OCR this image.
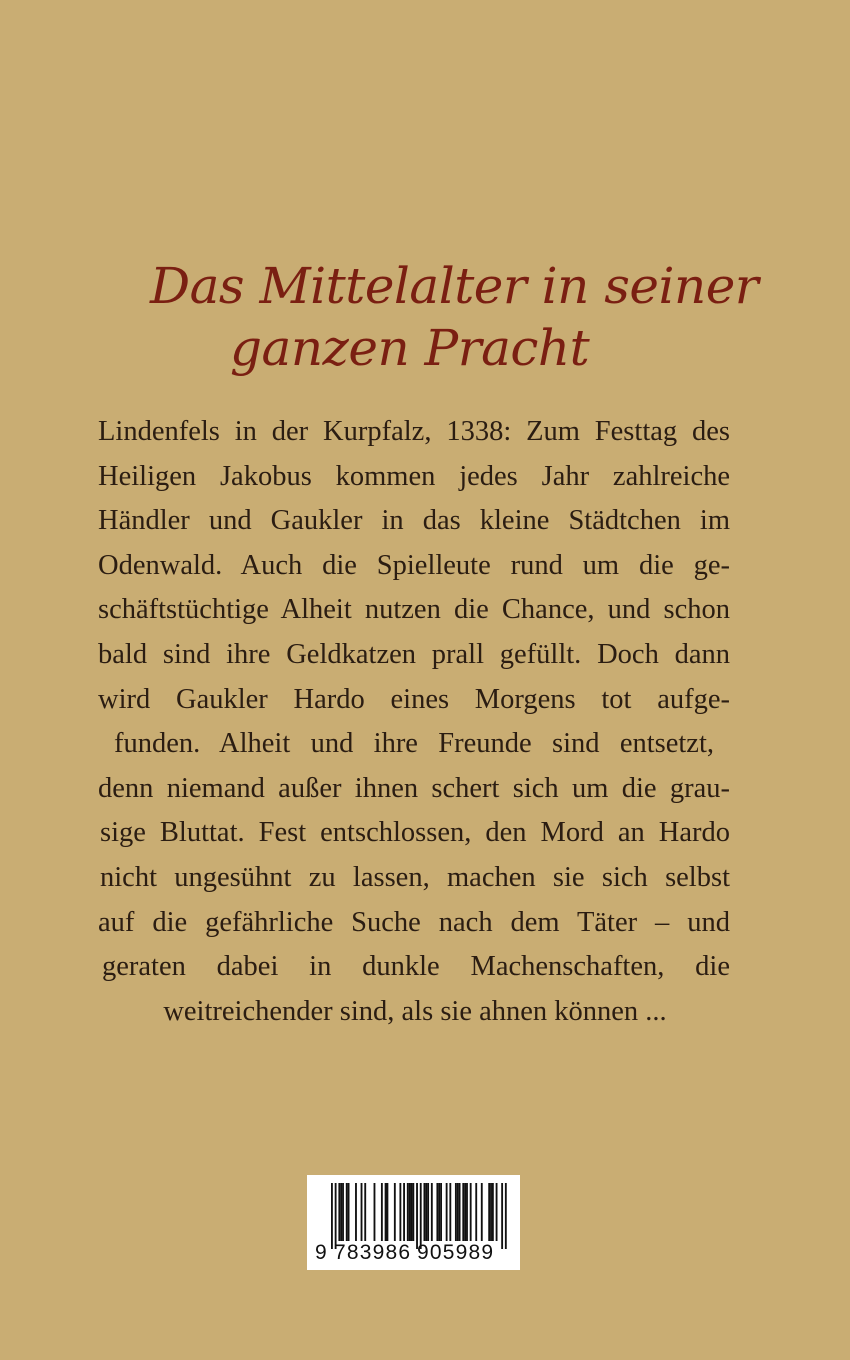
Das Mittelalter in seiner
ganzen Pracht
Lindenfels in der Kurpfalz, 1338: Zum Festtag des
Heiligen Jakobus kommen jedes Jahr zahlreiche
Händler und Gaukler in das kleine Städtchen im
Odenwald. Auch die Spielleute rund um die ge-
schäftstüchtige Alheit nutzen die Chance, und schon
bald sind ihre Geldkatzen prall gefüllt. Doch dann
wird Gaukler Hardo eines Morgens tot aufge-
funden. Alheit und ihre Freunde sind entsetzt,
denn niemand außer ihnen schert sich um die grau-
sige Bluttat. Fest entschlossen, den Mord an Hardo
nicht ungesühnt zu lassen, machen sie sich selbst
auf die gefährliche Suche nach dem Täter – und
geraten dabei in dunkle Machenschaften, die
weitreichender sind, als sie ahnen können ...
9 783986 905989
